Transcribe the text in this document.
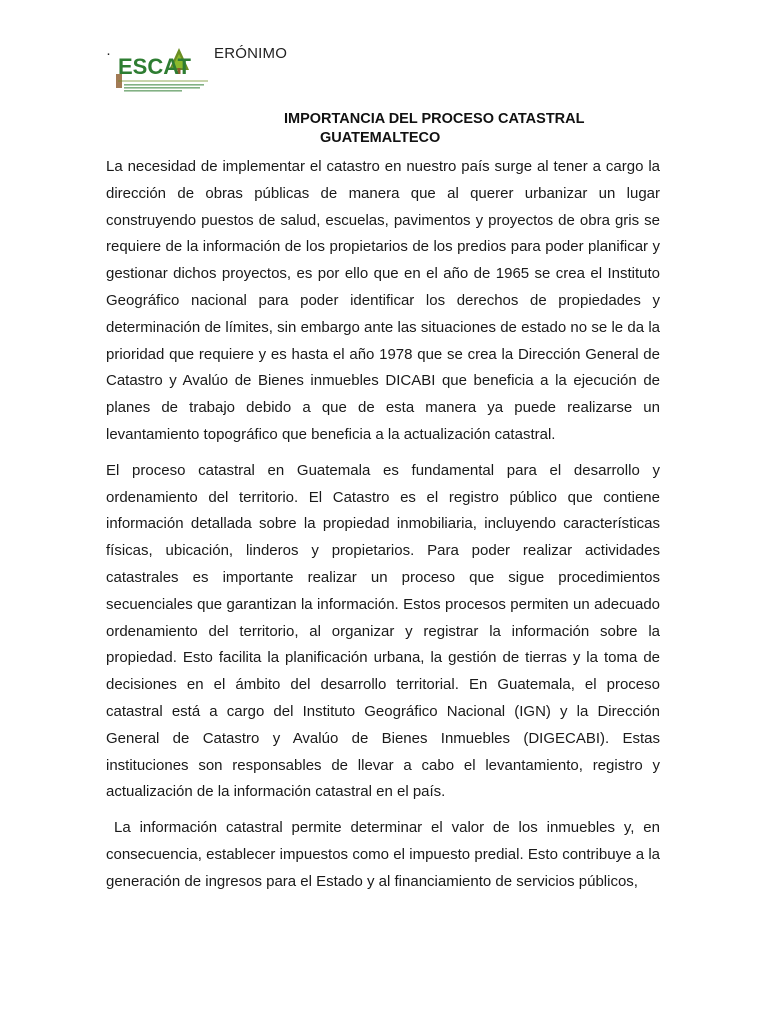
·	ERÓNIMO
ESCAT
IMPORTANCIA DEL PROCESO CATASTRAL
GUATEMALTECO

La necesidad de implementar el catastro en nuestro país surge al tener a cargo la dirección de obras públicas de manera que al querer urbanizar un lugar construyendo puestos de salud, escuelas, pavimentos y proyectos de obra gris se requiere de la información de los propietarios de los predios para poder planificar y gestionar dichos proyectos, es por ello que en el año de 1965 se crea el Instituto Geográfico nacional para poder identificar los derechos de propiedades y determinación de límites, sin embargo ante las situaciones de estado no se le da la prioridad que requiere y es hasta el año 1978 que se crea la Dirección General de Catastro y Avalúo de Bienes inmuebles DICABI que beneficia a la ejecución de planes de trabajo debido a que de esta manera ya puede realizarse un levantamiento topográfico que beneficia a la actualización catastral.

El proceso catastral en Guatemala es fundamental para el desarrollo y ordenamiento del territorio. El Catastro es el registro público que contiene información detallada sobre la propiedad inmobiliaria, incluyendo características físicas, ubicación, linderos y propietarios. Para poder realizar actividades catastrales es importante realizar un proceso que sigue procedimientos secuenciales que garantizan la información. Estos procesos permiten un adecuado ordenamiento del territorio, al organizar y registrar la información sobre la propiedad. Esto facilita la planificación urbana, la gestión de tierras y la toma de decisiones en el ámbito del desarrollo territorial. En Guatemala, el proceso catastral está a cargo del Instituto Geográfico Nacional (IGN) y la Dirección General de Catastro y Avalúo de Bienes Inmuebles (DIGECABI). Estas instituciones son responsables de llevar a cabo el levantamiento, registro y actualización de la información catastral en el país.

La información catastral permite determinar el valor de los inmuebles y, en consecuencia, establecer impuestos como el impuesto predial. Esto contribuye a la generación de ingresos para el Estado y al financiamiento de servicios públicos,
